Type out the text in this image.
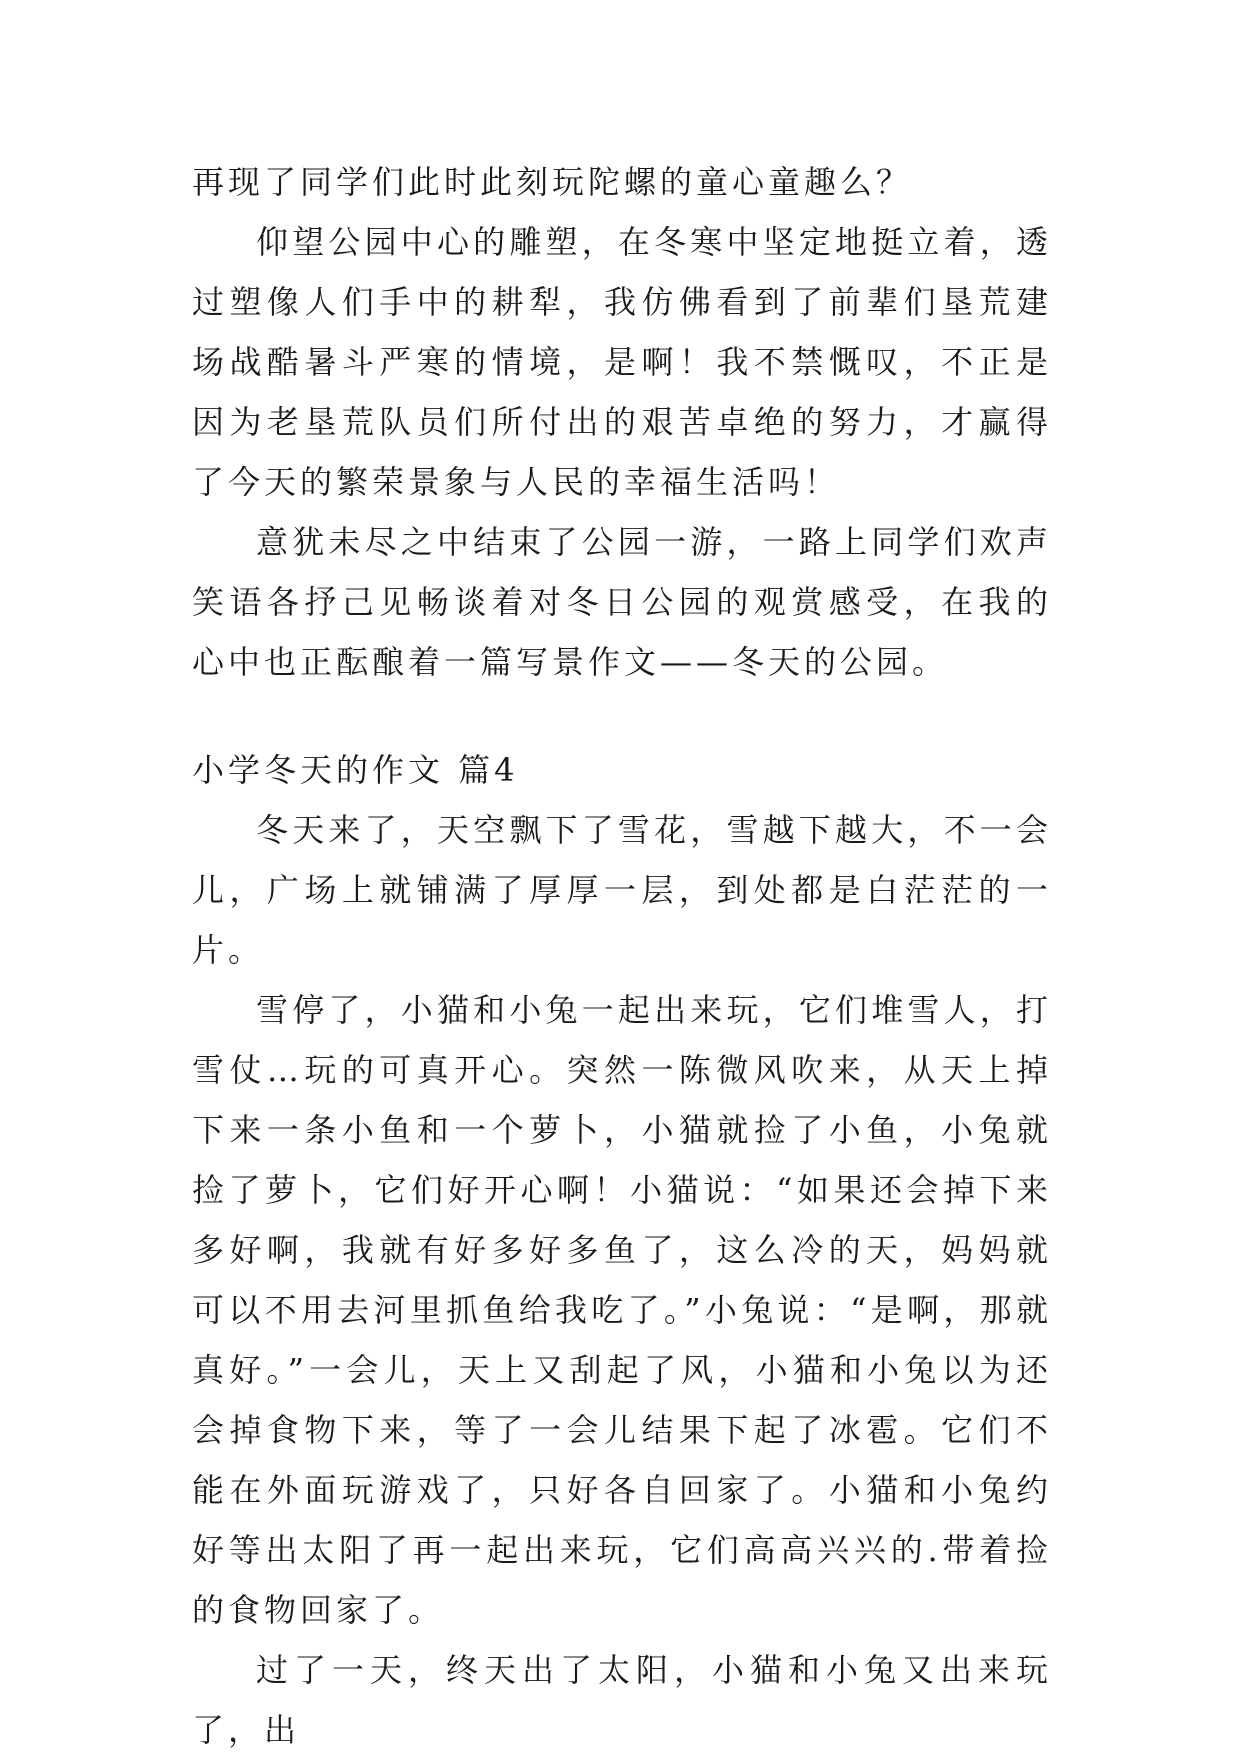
再现了同学们此时此刻玩陀螺的童心童趣么？

仰望公园中心的雕塑，在冬寒中坚定地挺立着，透过塑像人们手中的耕犁，我仿佛看到了前辈们垦荒建场战酷暑斗严寒的情境，是啊！我不禁慨叹，不正是因为老垦荒队员们所付出的艰苦卓绝的努力，才赢得了今天的繁荣景象与人民的幸福生活吗！

意犹未尽之中结束了公园一游，一路上同学们欢声笑语各抒己见畅谈着对冬日公园的观赏感受，在我的心中也正酝酿着一篇写景作文——冬天的公园。

小学冬天的作文 篇4

冬天来了，天空飘下了雪花，雪越下越大，不一会儿，广场上就铺满了厚厚一层，到处都是白茫茫的一片。

雪停了，小猫和小兔一起出来玩，它们堆雪人，打雪仗…玩的可真开心。突然一陈微风吹来，从天上掉下来一条小鱼和一个萝卜，小猫就捡了小鱼，小兔就捡了萝卜，它们好开心啊！小猫说：“如果还会掉下来多好啊，我就有好多好多鱼了，这么冷的天，妈妈就可以不用去河里抓鱼给我吃了。”小兔说：“是啊，那就真好。”一会儿，天上又刮起了风，小猫和小兔以为还会掉食物下来，等了一会儿结果下起了冰雹。它们不能在外面玩游戏了，只好各自回家了。小猫和小兔约好等出太阳了再一起出来玩，它们高高兴兴的.带着捡的食物回家了。

过了一天，终天出了太阳，小猫和小兔又出来玩了，出
